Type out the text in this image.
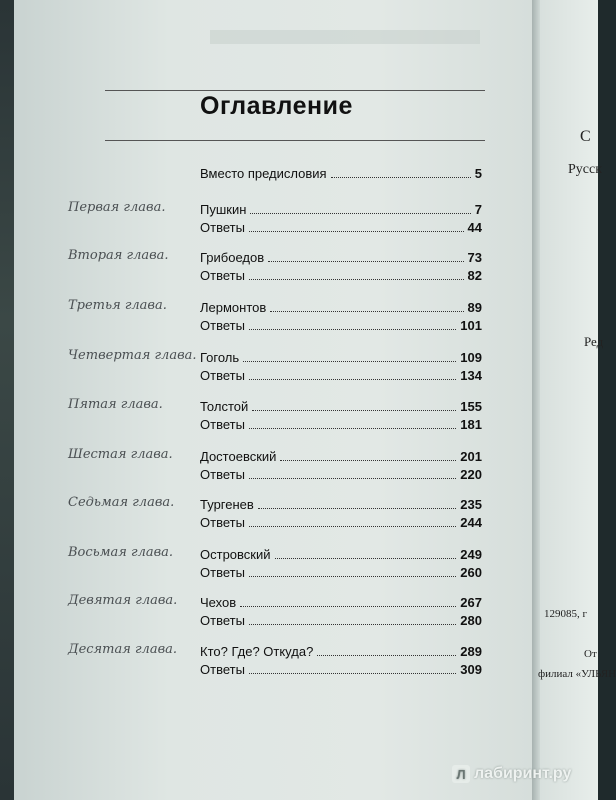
С
Русск
Ред
129085, г
От
филиал «УЛЬЯН
Оглавление
Вместо предисловия	5
Первая глава.	Пушкин	7
Ответы	44
Вторая глава. Грибоедов	73
Ответы	82
Третья глава.	Лермонтов	89
Ответы	101
Четвертая глава. Гоголь	109
Ответы	134
Пятая глава.	Толстой	155
Ответы	181
Шестая глава. Достоевский	201
Ответы	220
Седьмая глава. Тургенев	235
Ответы	244
Восьмая глава. Островский	249
Ответы	260
Девятая глава. Чехов	267
Ответы	280
Десятая глава. Кто? Где? Откуда?	289
Ответы	309
Л лабиринт.ру
